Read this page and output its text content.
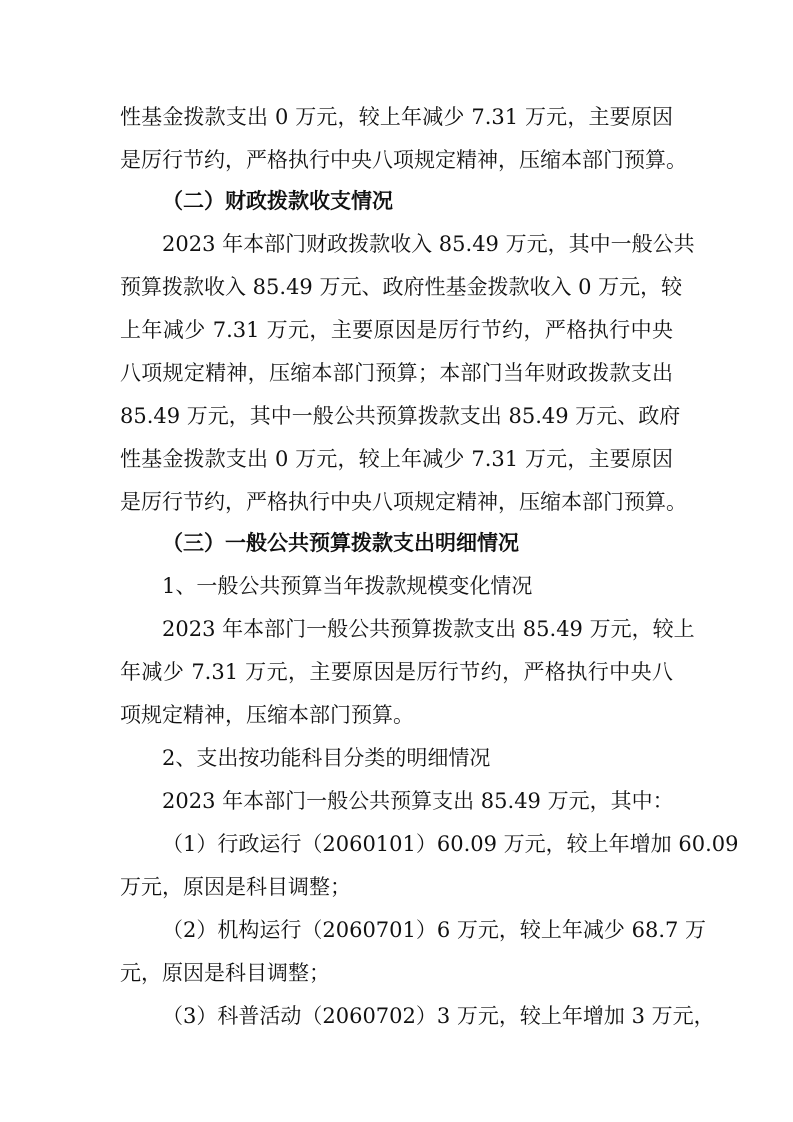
性基金拨款支出 0 万元，较上年减少 7.31 万元，主要原因
是厉行节约，严格执行中央八项规定精神，压缩本部门预算。
（二）财政拨款收支情况
2023 年本部门财政拨款收入 85.49 万元，其中一般公共
预算拨款收入 85.49 万元、政府性基金拨款收入 0 万元，较
上年减少 7.31 万元，主要原因是厉行节约，严格执行中央
八项规定精神，压缩本部门预算；本部门当年财政拨款支出
85.49 万元，其中一般公共预算拨款支出 85.49 万元、政府
性基金拨款支出 0 万元，较上年减少 7.31 万元，主要原因
是厉行节约，严格执行中央八项规定精神，压缩本部门预算。
（三）一般公共预算拨款支出明细情况
1、一般公共预算当年拨款规模变化情况
2023 年本部门一般公共预算拨款支出 85.49 万元，较上
年减少 7.31 万元，主要原因是厉行节约，严格执行中央八
项规定精神，压缩本部门预算。
2、支出按功能科目分类的明细情况
2023 年本部门一般公共预算支出 85.49 万元，其中：
（1）行政运行（2060101）60.09 万元，较上年增加 60.09
万元，原因是科目调整；
（2）机构运行（2060701）6 万元，较上年减少 68.7 万
元，原因是科目调整；
（3）科普活动（2060702）3 万元，较上年增加 3 万元，
